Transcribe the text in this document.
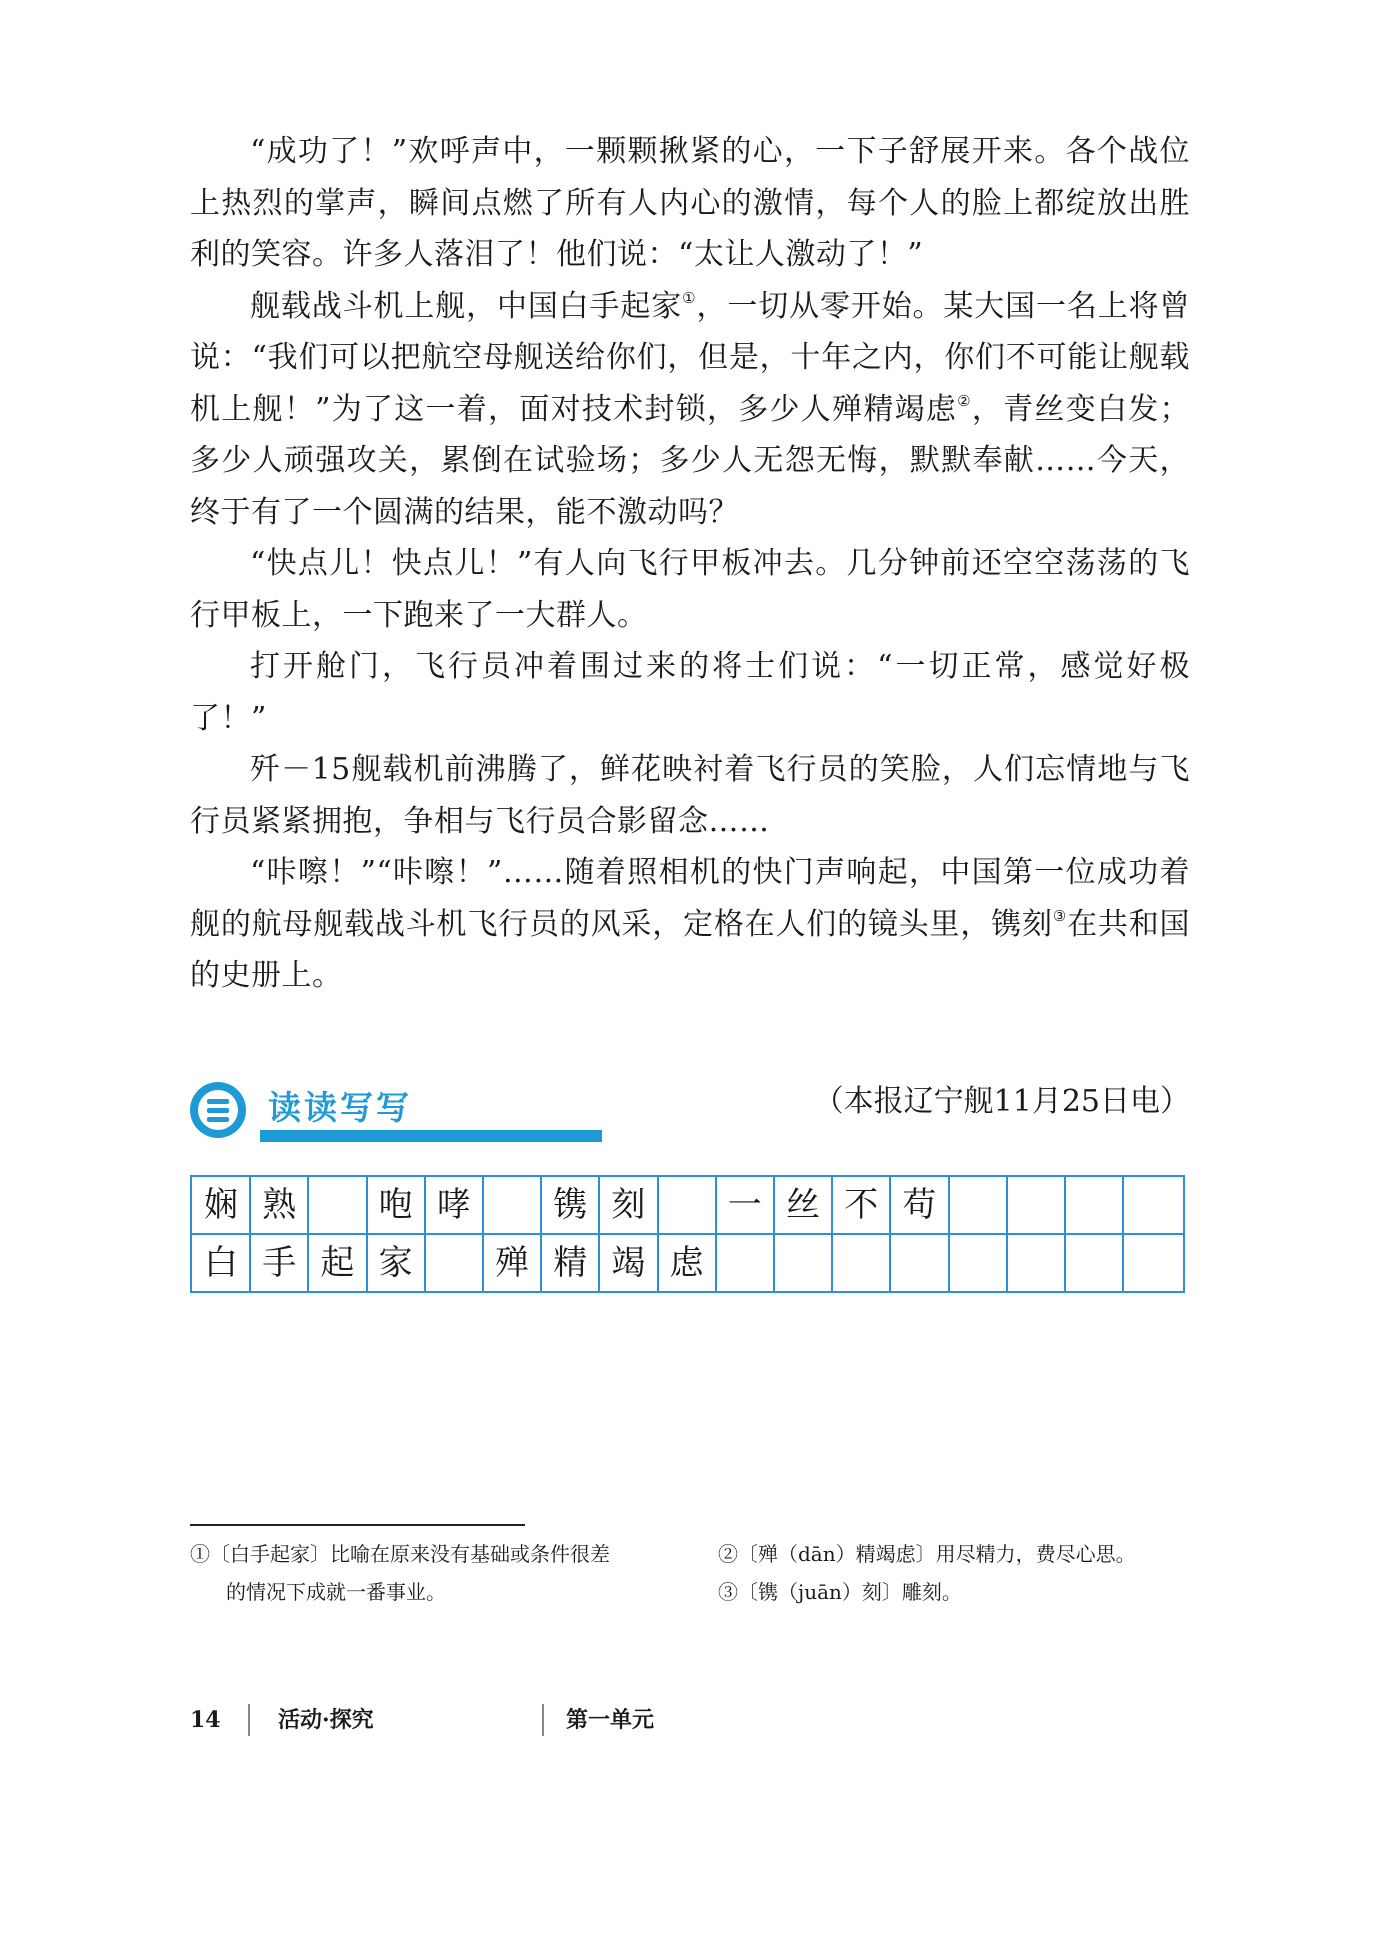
“成功了！”欢呼声中，一颗颗揪紧的心，一下子舒展开来。各个战位上热烈的掌声，瞬间点燃了所有人内心的激情，每个人的脸上都绽放出胜利的笑容。许多人落泪了！他们说：“太让人激动了！”

舰载战斗机上舰，中国白手起家①，一切从零开始。某大国一名上将曾说：“我们可以把航空母舰送给你们，但是，十年之内，你们不可能让舰载机上舰！”为了这一着，面对技术封锁，多少人殚精竭虑②，青丝变白发；多少人顽强攻关，累倒在试验场；多少人无怨无悔，默默奉献……今天，终于有了一个圆满的结果，能不激动吗？

“快点儿！快点儿！”有人向飞行甲板冲去。几分钟前还空空荡荡的飞行甲板上，一下跑来了一大群人。

打开舱门，飞行员冲着围过来的将士们说：“一切正常，感觉好极了！”

歼－15舰载机前沸腾了，鲜花映衬着飞行员的笑脸，人们忘情地与飞行员紧紧拥抱，争相与飞行员合影留念……

“咔嚓！”“咔嚓！”……随着照相机的快门声响起，中国第一位成功着舰的航母舰载战斗机飞行员的风采，定格在人们的镜头里，镌刻③在共和国的史册上。

（本报辽宁舰11月25日电）
读读写写
娴 熟	咆 哮	镌 刻	一 丝 不 苟
白 手 起 家	殚 精 竭 虑
①〔白手起家〕比喻在原来没有基础或条件很差
的情况下成就一番事业。
②〔殚（dān）精竭虑〕用尽精力，费尽心思。
③〔镌（juān）刻〕雕刻。
14	活动·探究	第一单元
